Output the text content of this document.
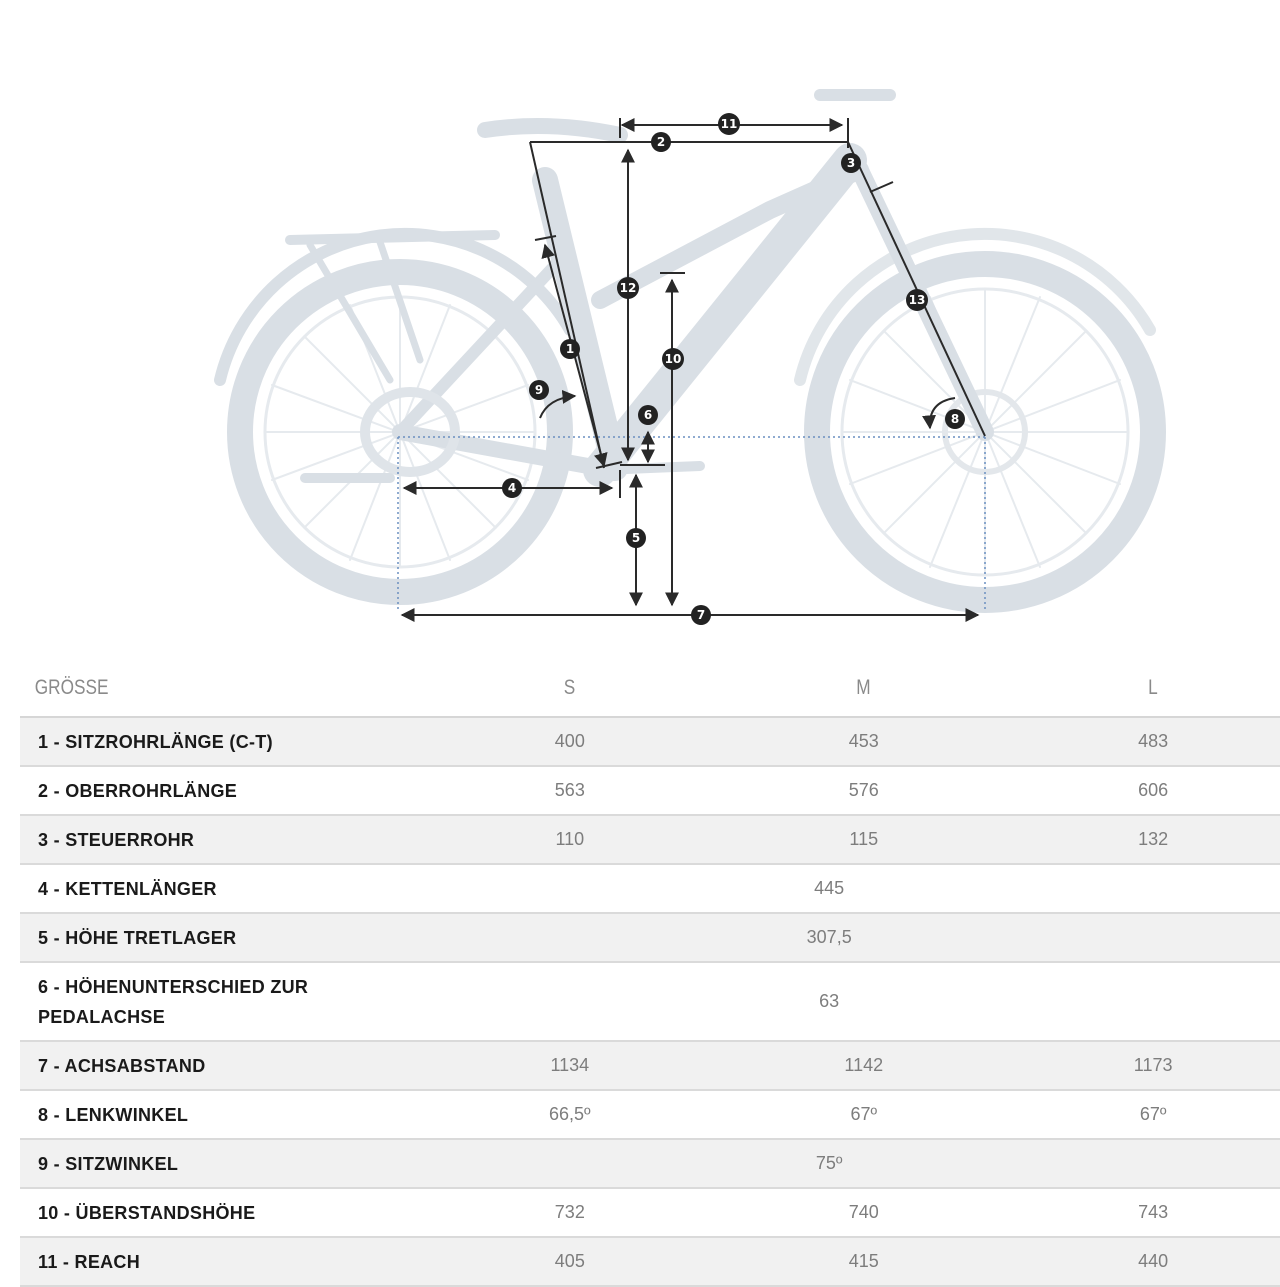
1
2
3
4
5
6
7
8
9
10
11
12
13
GRÖSSE	S	M	L
1 - SITZROHRLÄNGE (C-T)	400	453	483
2 - OBERROHRLÄNGE	563	576	606
3 - STEUERROHR	110	115	132
4 - KETTENLÄNGER	445		
5 - HÖHE TRETLAGER	307,5		
6 - HÖHENUNTERSCHIED ZUR PEDALACHSE	63		
7 - ACHSABSTAND	1134	1142	1173
8 - LENKWINKEL	66,5º	67º	67º
9 - SITZWINKEL	75º		
10 - ÜBERSTANDSHÖHE	732	740	743
11 - REACH	405	415	440
